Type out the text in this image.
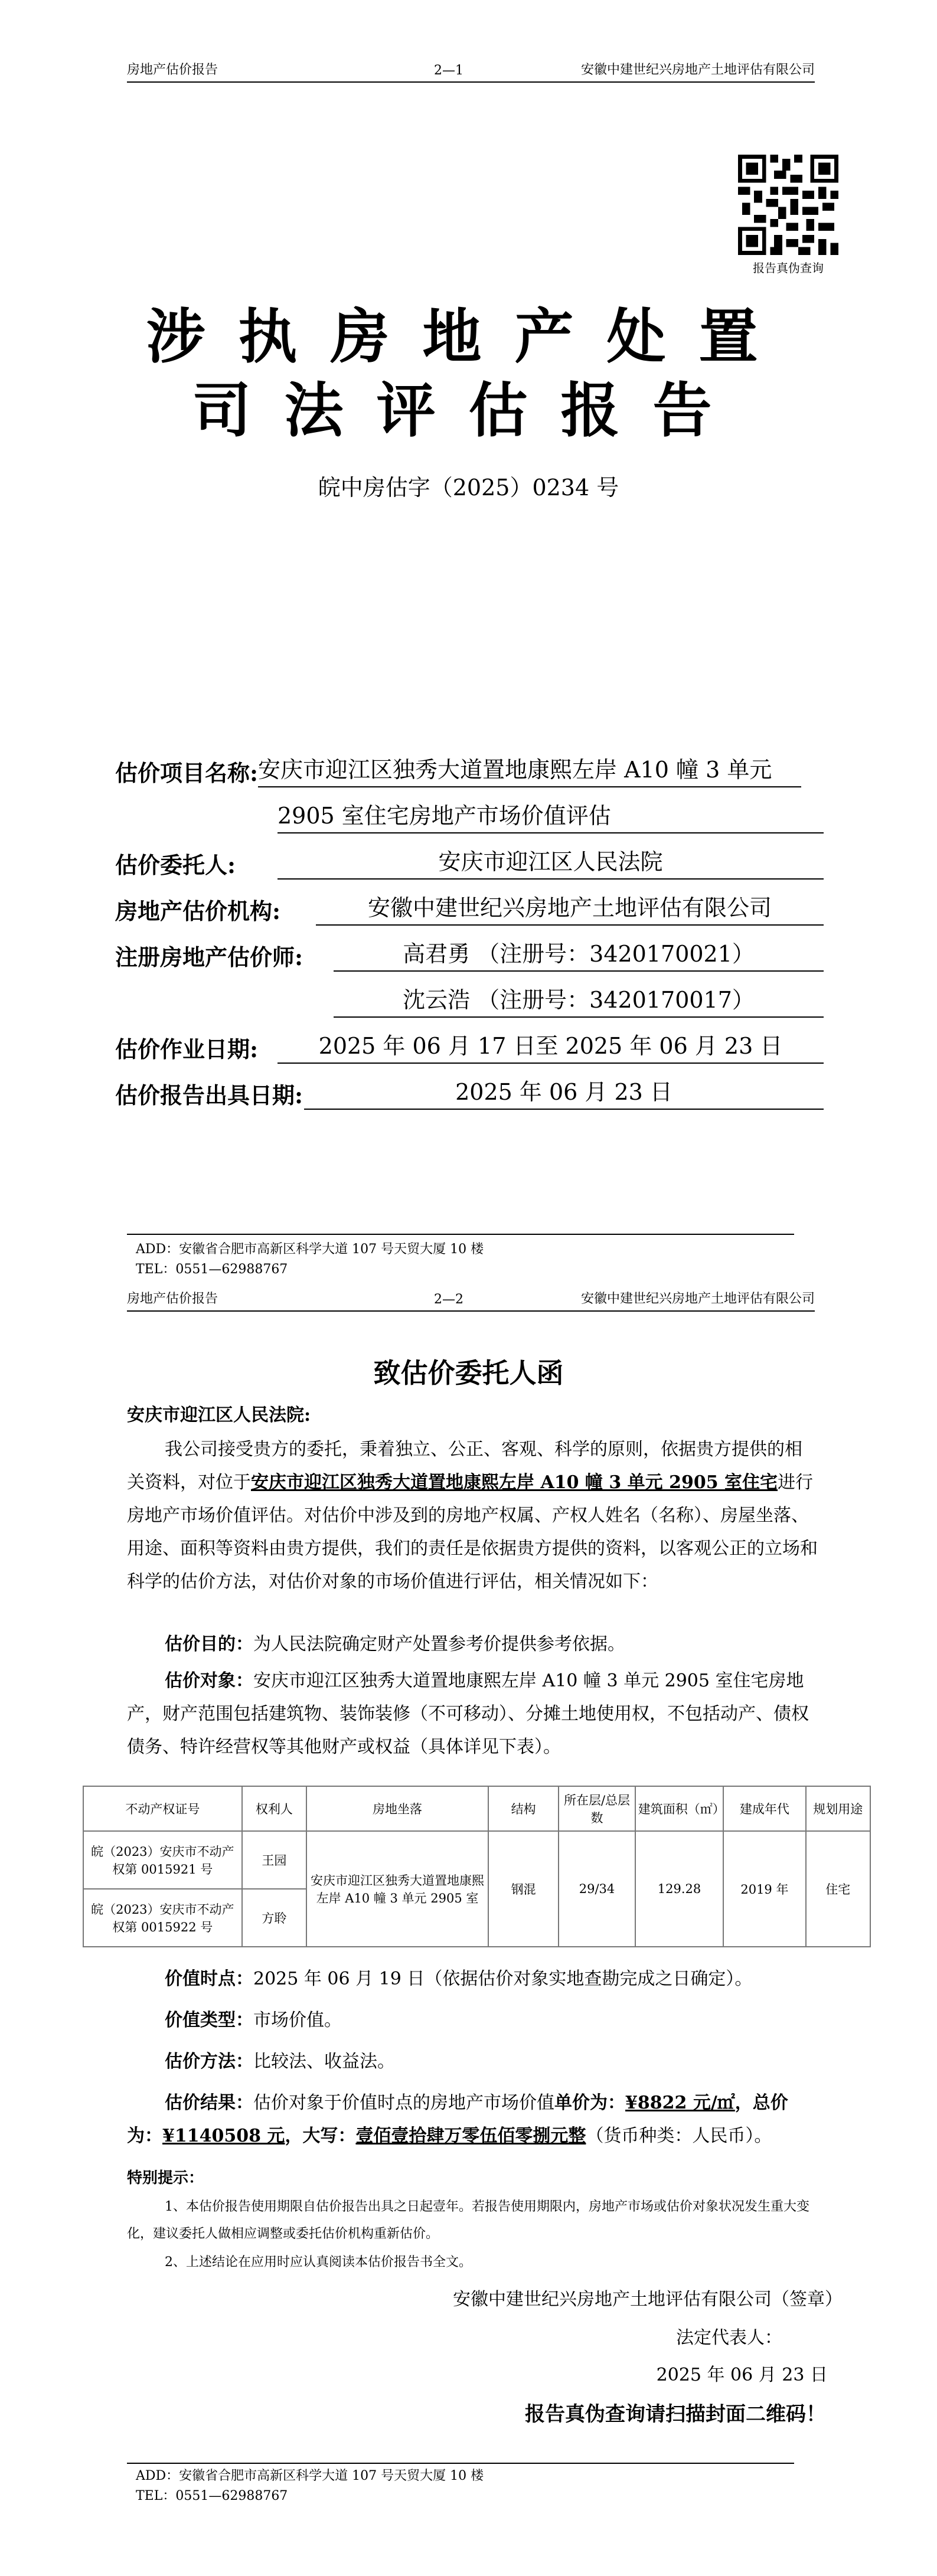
房地产估价报告	2—1	安徽中建世纪兴房地产土地评估有限公司
报告真伪查询
涉执房地产处置
司法评估报告
皖中房估字（2025）0234 号
估价项目名称: 安庆市迎江区独秀大道置地康熙左岸 A10 幢 3 单元
2905 室住宅房地产市场价值评估
估价委托人:	安庆市迎江区人民法院
房地产估价机构:	安徽中建世纪兴房地产土地评估有限公司
注册房地产估价师:	高君勇 （注册号：3420170021）
沈云浩 （注册号：3420170017）
估价作业日期:	2025 年 06 月 17 日至 2025 年 06 月 23 日
估价报告出具日期:	2025 年 06 月 23 日
ADD：安徽省合肥市高新区科学大道 107 号天贸大厦 10 楼
TEL：0551—62988767
房地产估价报告	2—2	安徽中建世纪兴房地产土地评估有限公司
致估价委托人函
安庆市迎江区人民法院:
我公司接受贵方的委托，秉着独立、公正、客观、科学的原则，依据贵方提供的相关资料，对位于安庆市迎江区独秀大道置地康熙左岸 A10 幢 3 单元 2905 室住宅进行房地产市场价值评估。对估价中涉及到的房地产权属、产权人姓名（名称）、房屋坐落、用途、面积等资料由贵方提供，我们的责任是依据贵方提供的资料，以客观公正的立场和科学的估价方法，对估价对象的市场价值进行评估，相关情况如下：
估价目的：为人民法院确定财产处置参考价提供参考依据。
估价对象：安庆市迎江区独秀大道置地康熙左岸 A10 幢 3 单元 2905 室住宅房地产，财产范围包括建筑物、装饰装修（不可移动）、分摊土地使用权，不包括动产、债权债务、特许经营权等其他财产或权益（具体详见下表）。
不动产权证号	权利人	房地坐落	结构	所在层/总层数	建筑面积（㎡）	建成年代	规划用途
皖（2023）安庆市不动产权第 0015921 号	王园	安庆市迎江区独秀大道置地康熙左岸 A10 幢 3 单元 2905 室	钢混	29/34	129.28	2019 年	住宅
皖（2023）安庆市不动产权第 0015922 号	方聆						
价值时点：2025 年 06 月 19 日（依据估价对象实地查勘完成之日确定）。
价值类型：市场价值。
估价方法：比较法、收益法。
估价结果：估价对象于价值时点的房地产市场价值单价为：¥8822 元/㎡，总价为：¥1140508 元，大写：壹佰壹拾肆万零伍佰零捌元整（货币种类：人民币）。
特别提示：
1、本估价报告使用期限自估价报告出具之日起壹年。若报告使用期限内，房地产市场或估价对象状况发生重大变化，建议委托人做相应调整或委托估价机构重新估价。
2、上述结论在应用时应认真阅读本估价报告书全文。
安徽中建世纪兴房地产土地评估有限公司（签章）
法定代表人：
2025 年 06 月 23 日
报告真伪查询请扫描封面二维码！
ADD：安徽省合肥市高新区科学大道 107 号天贸大厦 10 楼
TEL：0551—62988767
